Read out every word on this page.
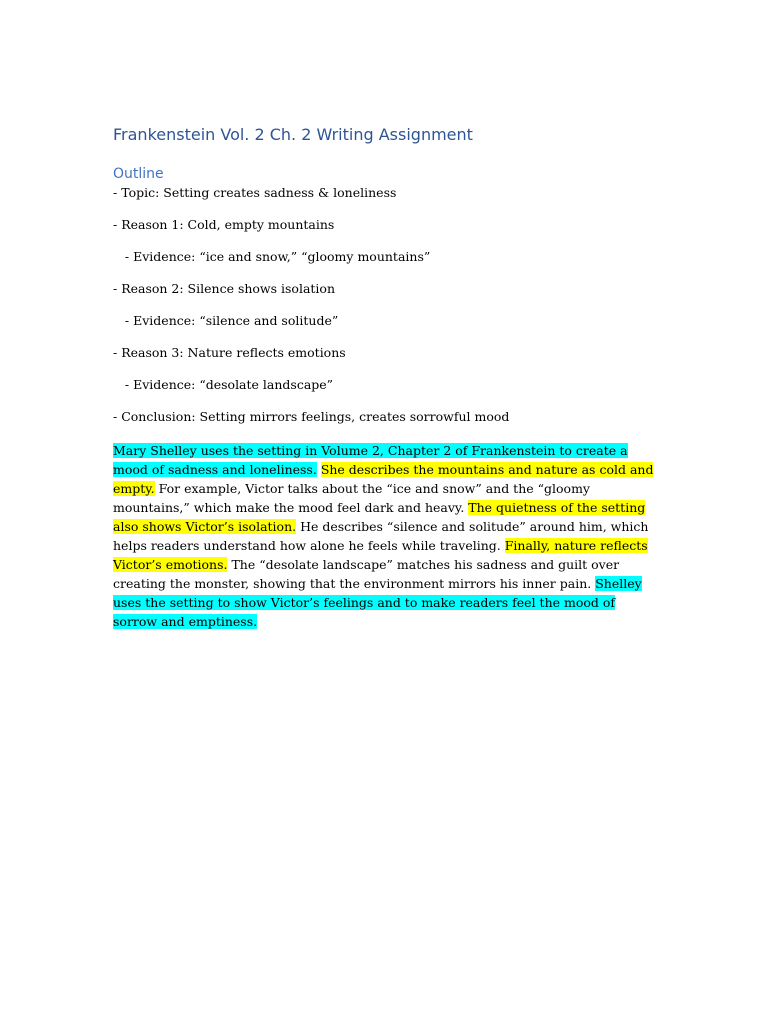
Frankenstein Vol. 2 Ch. 2 Writing Assignment
Outline
- Topic: Setting creates sadness & loneliness
- Reason 1: Cold, empty mountains
- Evidence: “ice and snow,” “gloomy mountains”
- Reason 2: Silence shows isolation
- Evidence: “silence and solitude”
- Reason 3: Nature reflects emotions
- Evidence: “desolate landscape”
- Conclusion: Setting mirrors feelings, creates sorrowful mood

Mary Shelley uses the setting in Volume 2, Chapter 2 of Frankenstein to create a mood of sadness and loneliness. She describes the mountains and nature as cold and empty. For example, Victor talks about the “ice and snow” and the “gloomy mountains,” which make the mood feel dark and heavy. The quietness of the setting also shows Victor’s isolation. He describes “silence and solitude” around him, which helps readers understand how alone he feels while traveling. Finally, nature reflects Victor’s emotions. The “desolate landscape” matches his sadness and guilt over creating the monster, showing that the environment mirrors his inner pain. Shelley uses the setting to show Victor’s feelings and to make readers feel the mood of sorrow and emptiness.
